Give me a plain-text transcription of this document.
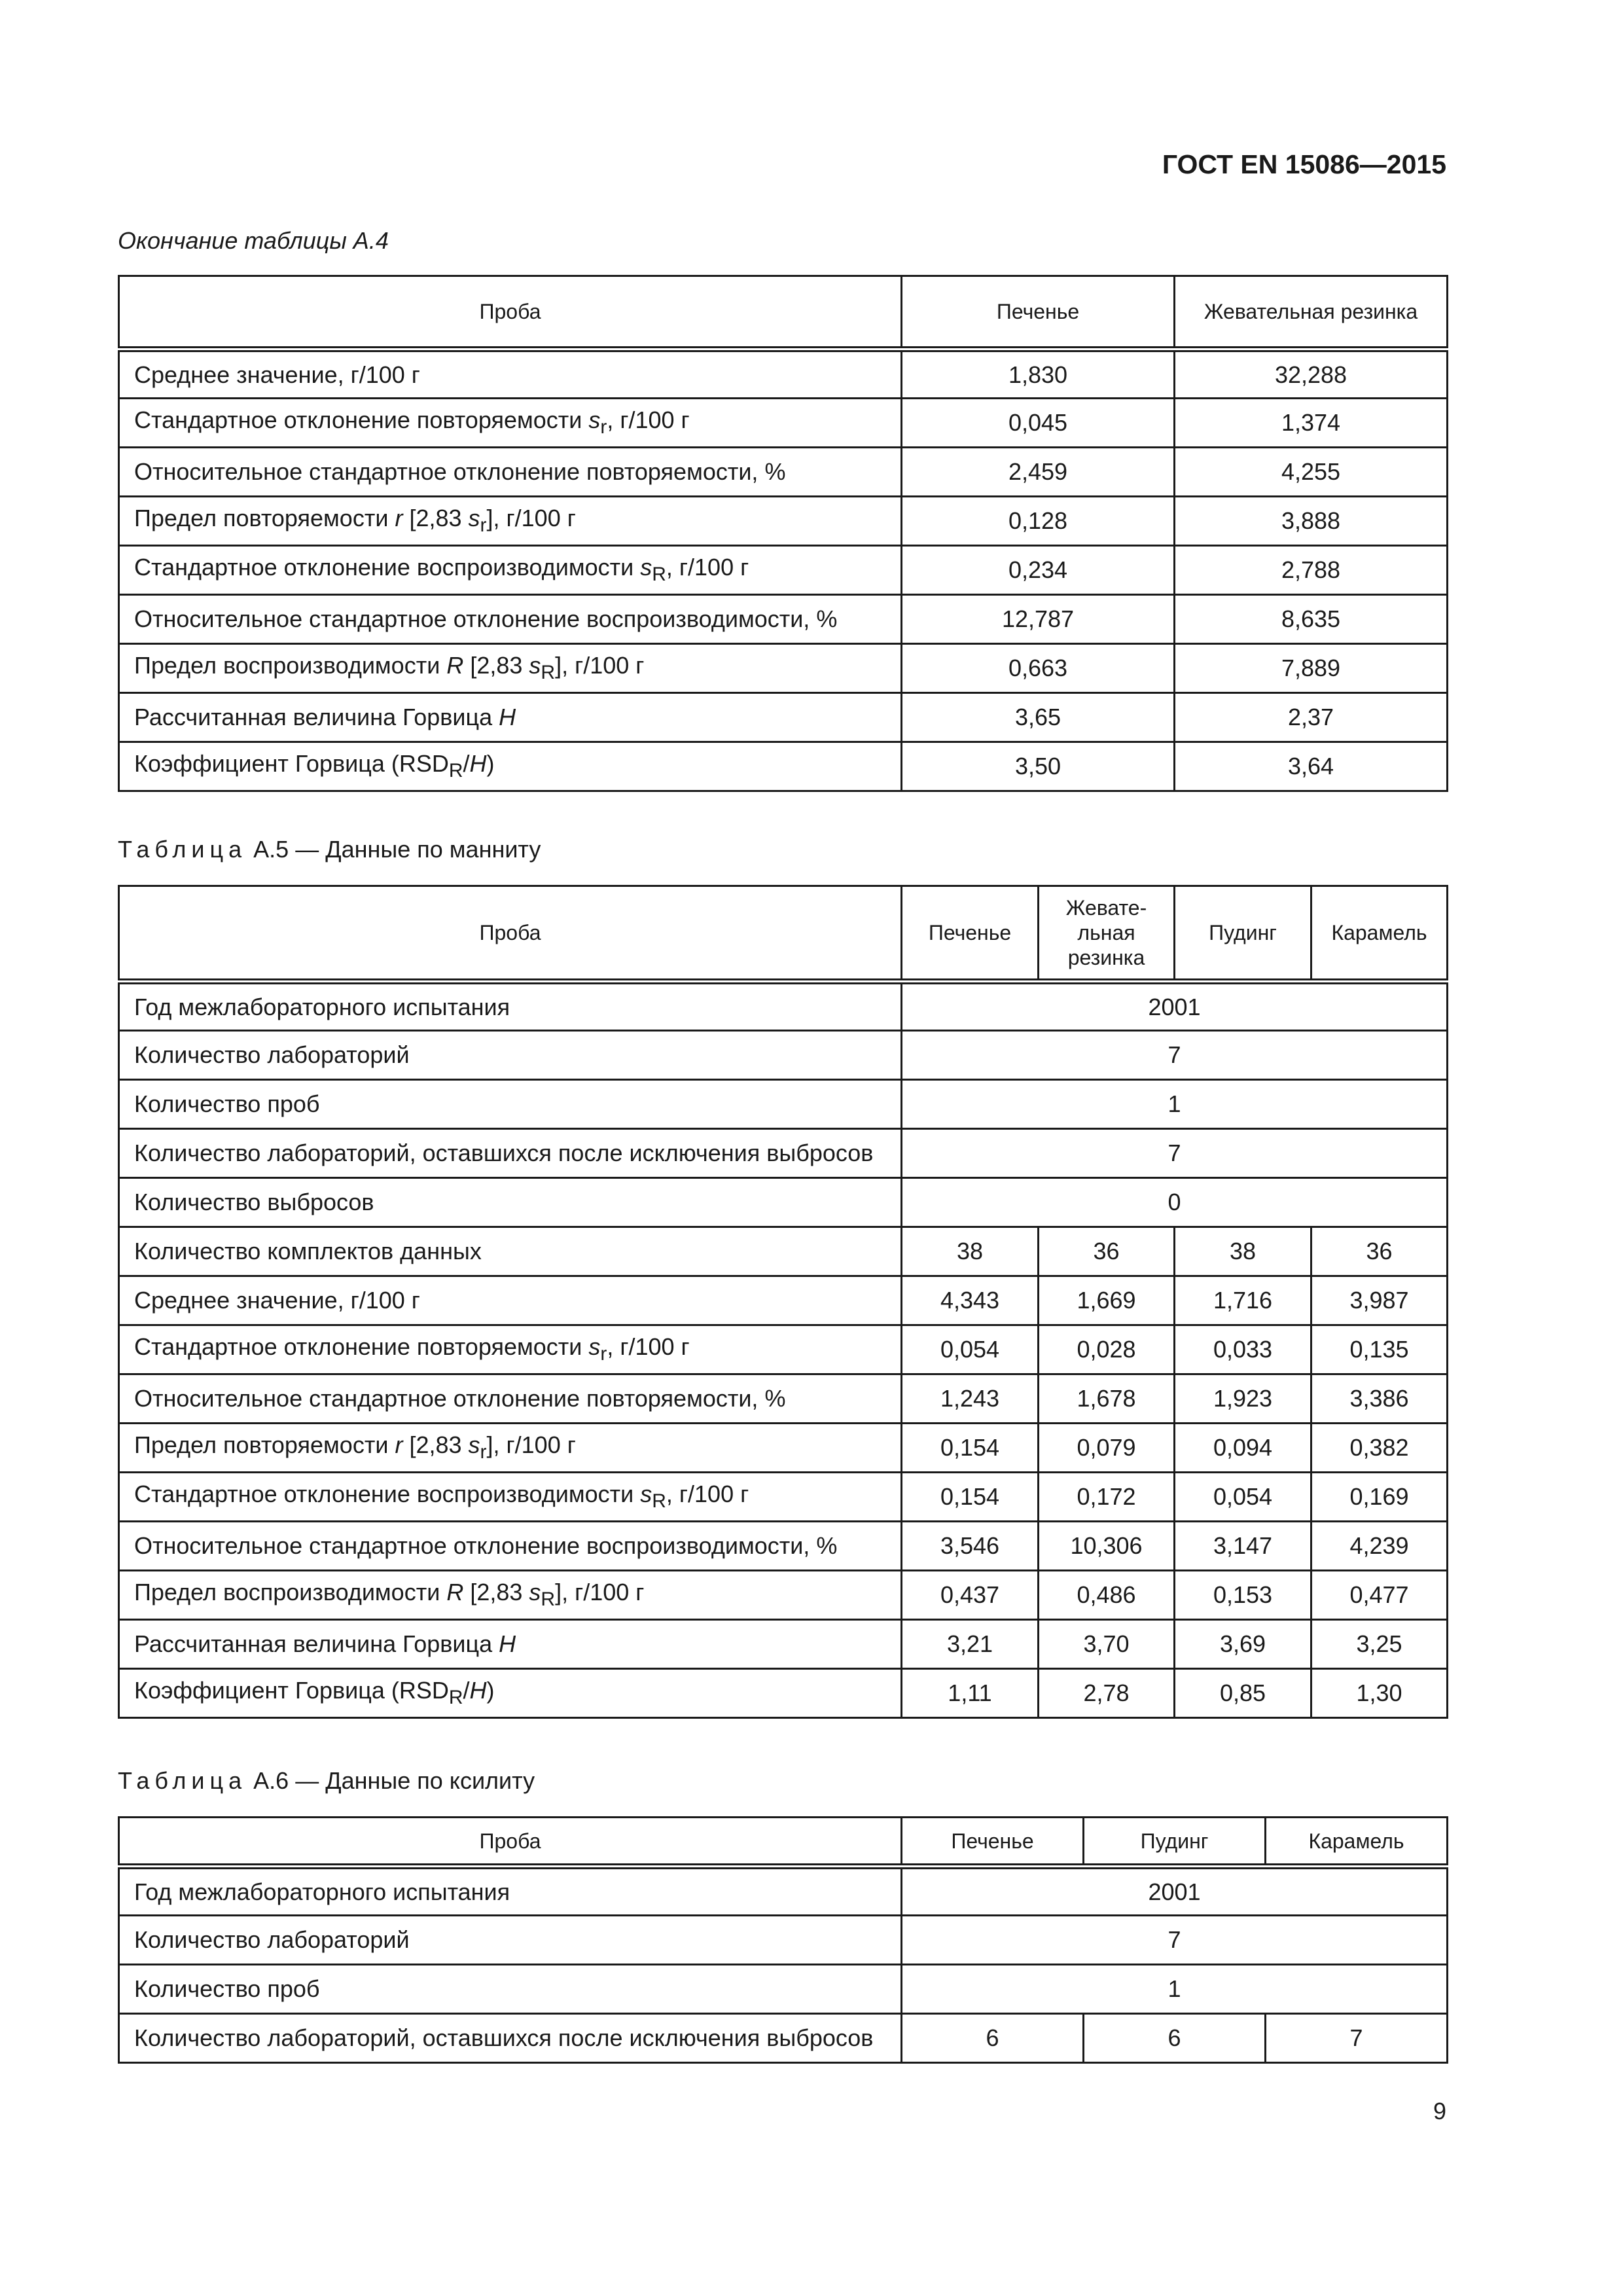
ГОСТ EN 15086—2015
Окончание таблицы А.4
Проба	Печенье	Жевательная резинка
Среднее значение, г/100 г	1,830	32,288
Стандартное отклонение повторяемости $s_r$, г/100 г	0,045	1,374
Относительное стандартное отклонение повторяемости, %	2,459	4,255
Предел повторяемости r [2,83 $s_r$], г/100 г	0,128	3,888
Стандартное отклонение воспроизводимости $s_R$, г/100 г	0,234	2,788
Относительное стандартное отклонение воспроизводимости, %	12,787	8,635
Предел воспроизводимости R [2,83 $s_R$], г/100 г	0,663	7,889
Рассчитанная величина Горвица H	3,65	2,37
Коэффициент Горвица $(RSD_R/H)$	3,50	3,64
Таблица А.5 — Данные по манниту
Проба	Печенье	Жевате-льная резинка	Пудинг	Карамель
Год межлабораторного испытания	2001			
Количество лабораторий	7			
Количество проб	1			
Количество лабораторий, оставшихся после исключения выбросов	7			
Количество выбросов	0			
Количество комплектов данных	38	36	38	36
Среднее значение, г/100 г	4,343	1,669	1,716	3,987
Стандартное отклонение повторяемости $s_r$, г/100 г	0,054	0,028	0,033	0,135
Относительное стандартное отклонение повторяемости, %	1,243	1,678	1,923	3,386
Предел повторяемости r [2,83 $s_r$], г/100 г	0,154	0,079	0,094	0,382
Стандартное отклонение воспроизводимости $s_R$, г/100 г	0,154	0,172	0,054	0,169
Относительное стандартное отклонение воспроизводимости, %	3,546	10,306	3,147	4,239
Предел воспроизводимости R [2,83 $s_R$], г/100 г	0,437	0,486	0,153	0,477
Рассчитанная величина Горвица H	3,21	3,70	3,69	3,25
Коэффициент Горвица $(RSD_R/H)$	1,11	2,78	0,85	1,30
Таблица А.6 — Данные по ксилиту
Проба	Печенье	Пудинг	Карамель
Год межлабораторного испытания	2001		
Количество лабораторий	7		
Количество проб	1		
Количество лабораторий, оставшихся после исключения выбросов	6	6	7
9
